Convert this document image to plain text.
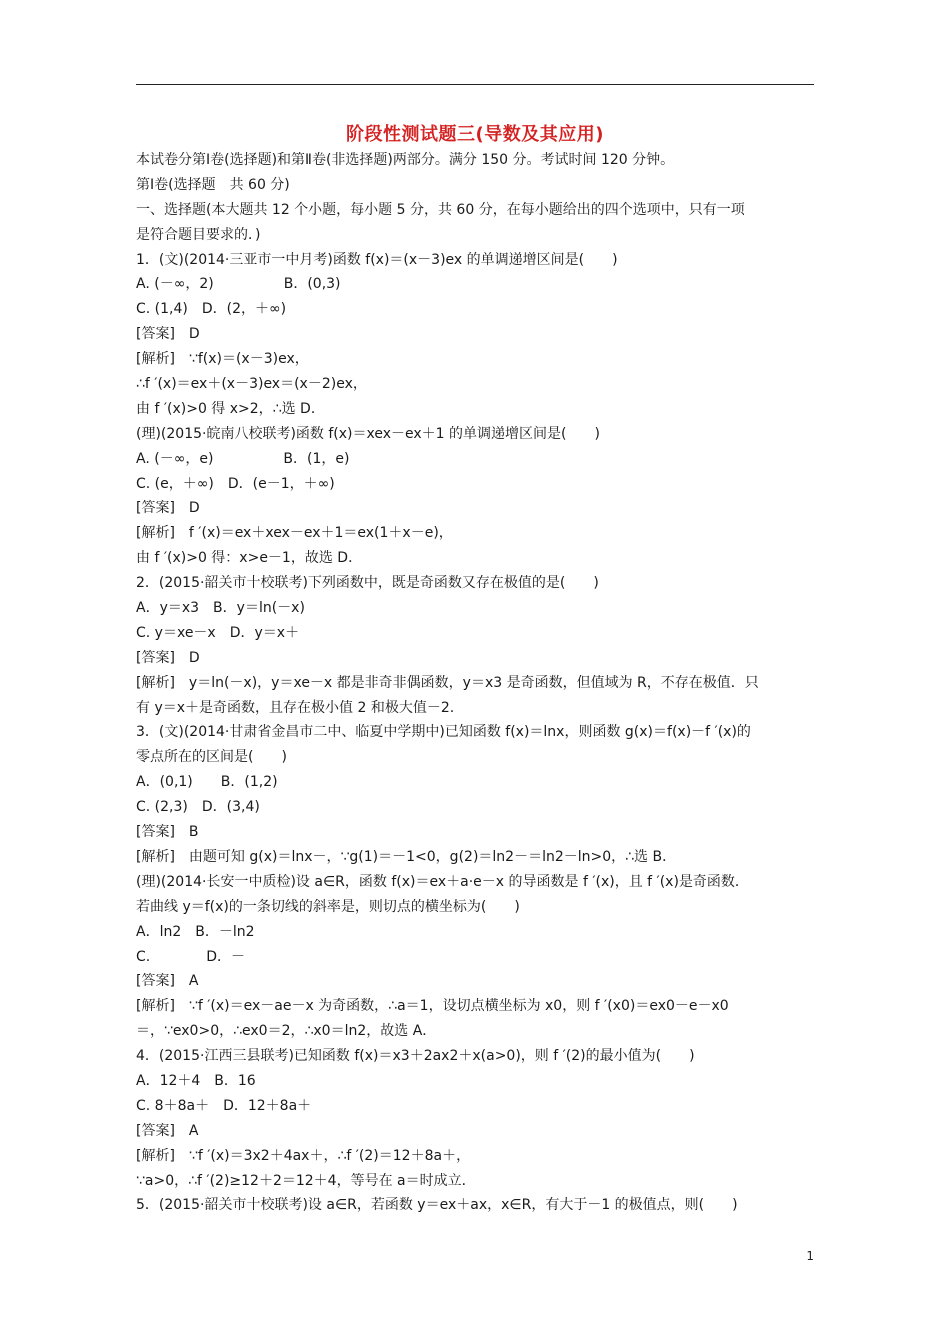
阶段性测试题三(导数及其应用)
本试卷分第Ⅰ卷(选择题)和第Ⅱ卷(非选择题)两部分。满分 150 分。考试时间 120 分钟。
第Ⅰ卷(选择题　共 60 分)
一、选择题(本大题共 12 个小题，每小题 5 分，共 60 分，在每小题给出的四个选项中，只有一项
是符合题目要求的．)
1．(文)(2014·三亚市一中月考)函数 f(x)＝(x－3)ex 的单调递增区间是(　　)
A. (－∞，2)　　　　　B．(0,3)
C. (1,4)　D．(2，＋∞)
[答案]　D
[解析]　∵f(x)＝(x－3)ex，
∴f ′(x)＝ex＋(x－3)ex＝(x－2)ex，
由 f ′(x)>0 得 x>2，∴选 D．
(理)(2015·皖南八校联考)函数 f(x)＝xex－ex＋1 的单调递增区间是(　　)
A. (－∞，e)　　　　　B．(1，e)
C. (e，＋∞)　D．(e－1，＋∞)
[答案]　D
[解析]　f ′(x)＝ex＋xex－ex＋1＝ex(1＋x－e)，
由 f ′(x)>0 得：x>e－1，故选 D．
2．(2015·韶关市十校联考)下列函数中，既是奇函数又存在极值的是(　　)
A．y＝x3　B．y＝ln(－x)
C. y＝xe－x　D．y＝x＋
[答案]　D
[解析]　y＝ln(－x)，y＝xe－x 都是非奇非偶函数，y＝x3 是奇函数，但值域为 R，不存在极值．只
有 y＝x＋是奇函数，且存在极小值 2 和极大值－2.
3．(文)(2014·甘肃省金昌市二中、临夏中学期中)已知函数 f(x)＝lnx，则函数 g(x)＝f(x)－f ′(x)的
零点所在的区间是(　　)
A．(0,1)　　B．(1,2)
C. (2,3)　D．(3,4)
[答案]　B
[解析]　由题可知 g(x)＝lnx－，∵g(1)＝－1<0，g(2)＝ln2－＝ln2－ln>0，∴选 B．
(理)(2014·长安一中质检)设 a∈R，函数 f(x)＝ex＋a·e－x 的导函数是 f ′(x)，且 f ′(x)是奇函数．
若曲线 y＝f(x)的一条切线的斜率是，则切点的横坐标为(　　)
A．ln2　B．－ln2
C.　　　　D．－
[答案]　A
[解析]　∵f ′(x)＝ex－ae－x 为奇函数，∴a＝1，设切点横坐标为 x0，则 f ′(x0)＝ex0－e－x0
＝，∵ex0>0，∴ex0＝2，∴x0＝ln2，故选 A．
4．(2015·江西三县联考)已知函数 f(x)＝x3＋2ax2＋x(a>0)，则 f ′(2)的最小值为(　　)
A．12＋4　B．16
C. 8＋8a＋　D．12＋8a＋
[答案]　A
[解析]　∵f ′(x)＝3x2＋4ax＋，∴f ′(2)＝12＋8a＋，
∵a>0，∴f ′(2)≥12＋2＝12＋4，等号在 a＝时成立．
5．(2015·韶关市十校联考)设 a∈R，若函数 y＝ex＋ax，x∈R，有大于－1 的极值点，则(　　)
1
